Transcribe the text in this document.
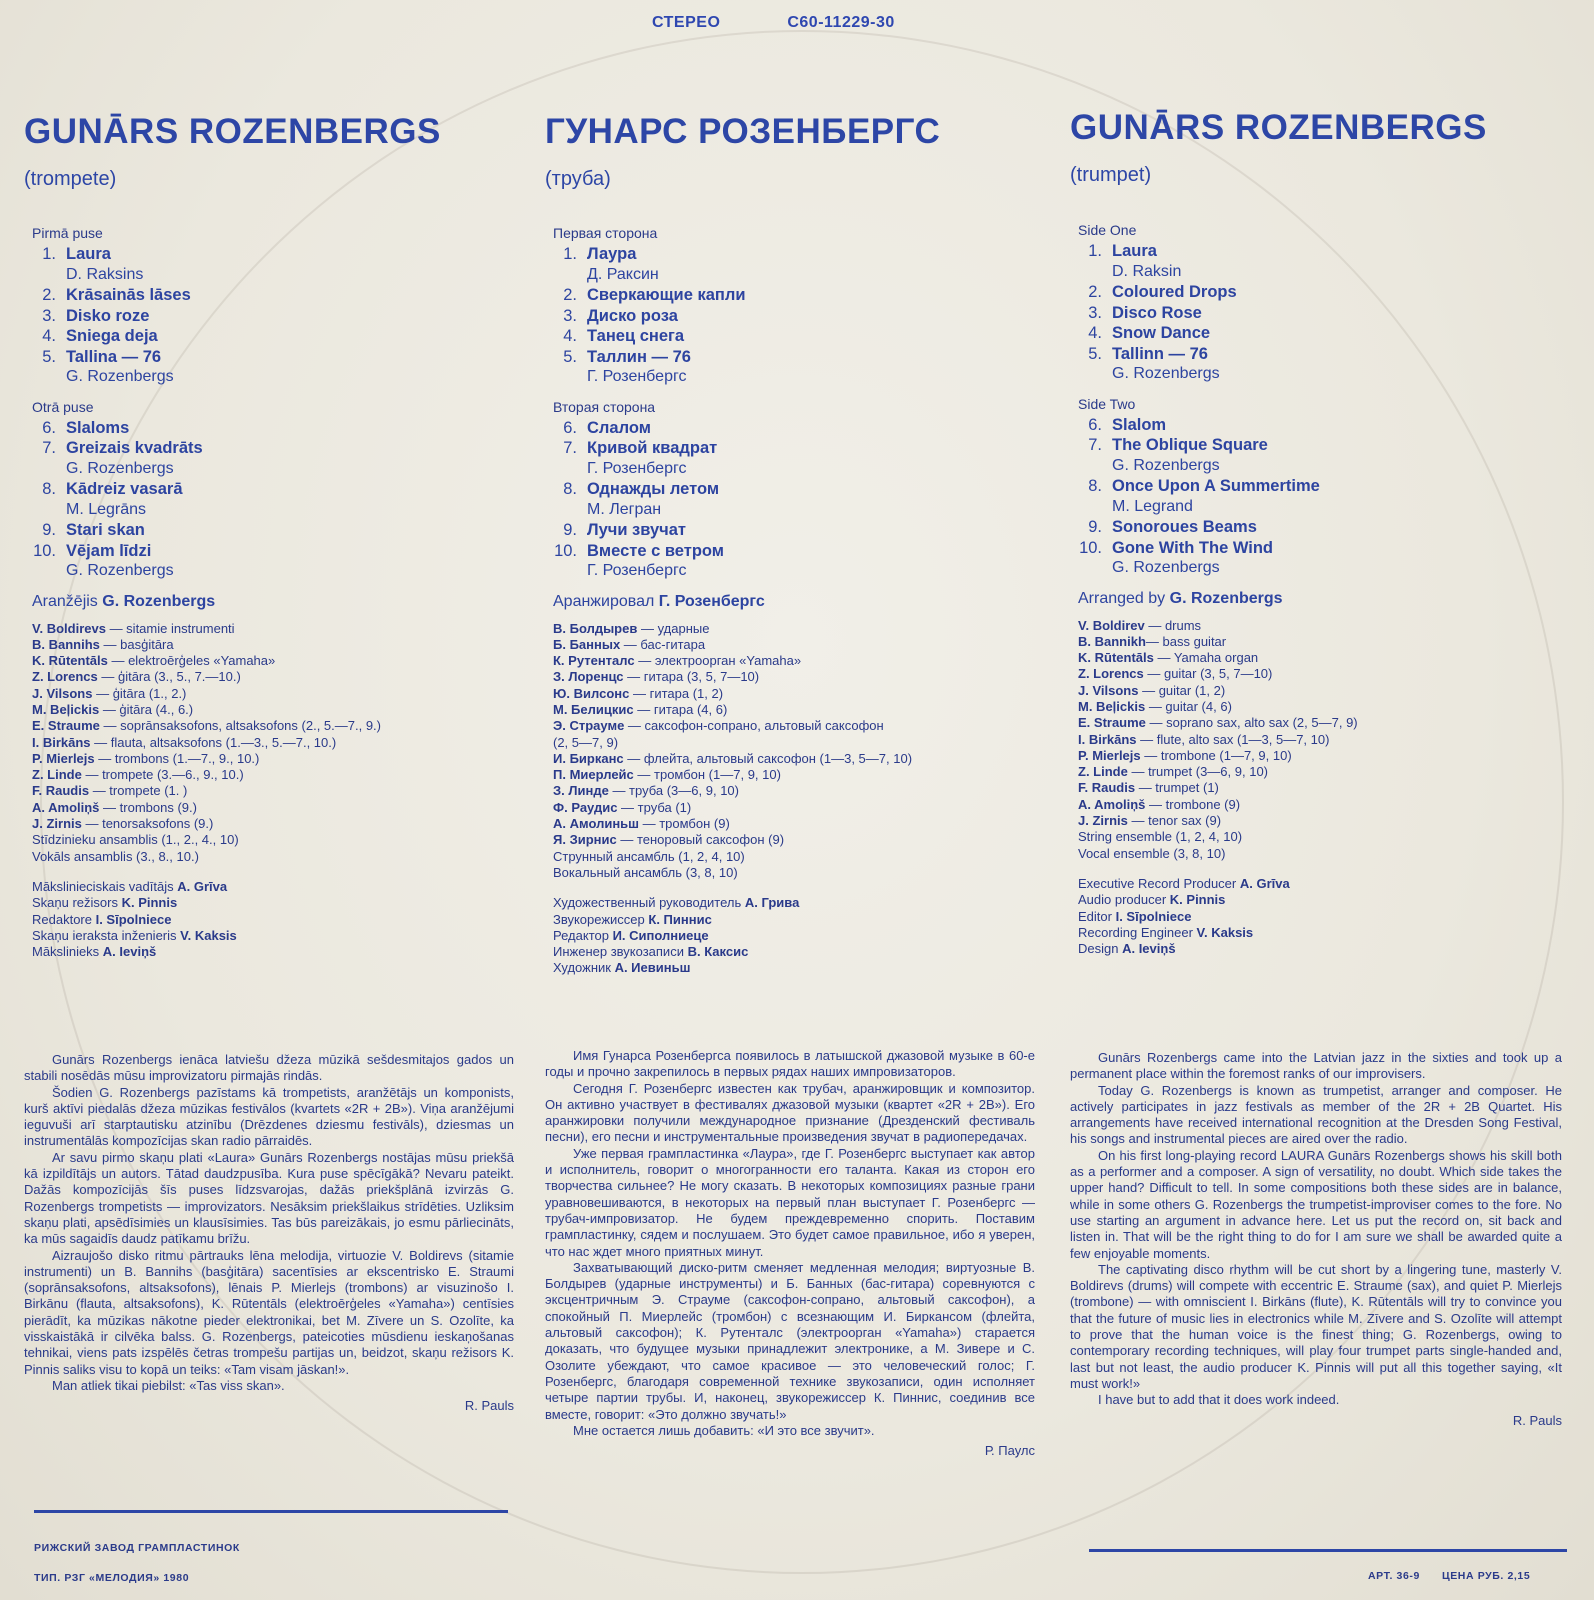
СТЕРЕО	С60-11229-30
GUNĀRS ROZENBERGS
(trompete)
Pirmā puse
1. Laura
D. Raksins
2. Krāsainās lāses
3. Disko roze
4. Sniega deja
5. Tallina — 76
G. Rozenbergs
Otrā puse
6. Slaloms
7. Greizais kvadrāts
G. Rozenbergs
8. Kādreiz vasarā
M. Legrāns
9. Stari skan
10. Vējam līdzi
G. Rozenbergs
Aranžējis G. Rozenbergs
V. Boldirevs — sitamie instrumenti
B. Bannihs — basģitāra
K. Rūtentāls — elektroērģeles «Yamaha»
Z. Lorencs — ģitāra (3., 5., 7.—10.)
J. Vilsons — ģitāra (1., 2.)
M. Beļickis — ģitāra (4., 6.)
E. Straume — soprānsaksofons, altsaksofons (2., 5.—7., 9.)
I. Birkāns — flauta, altsaksofons (1.—3., 5.—7., 10.)
P. Mierlejs — trombons (1.—7., 9., 10.)
Z. Linde — trompete (3.—6., 9., 10.)
F. Raudis — trompete (1. )
A. Amoliņš — trombons (9.)
J. Zirnis — tenorsaksofons (9.)
Stīdzinieku ansamblis (1., 2., 4., 10)
Vokāls ansamblis (3., 8., 10.)
Mākslinieciskais vadītājs A. Grīva
Skaņu režisors K. Pinnis
Redaktore I. Sīpolniece
Skaņu ieraksta inženieris V. Kaksis
Mākslinieks A. Ieviņš

Gunārs Rozenbergs ienāca latviešu džeza mūzikā sešdesmitajos gados un stabili nosēdās mūsu improvizatoru pirmajās rindās.

Šodien G. Rozenbergs pazīstams kā trompetists, aranžētājs un komponists, kurš aktīvi piedalās džeza mūzikas festivālos (kvartets «2R + 2B»). Viņa aranžējumi ieguvuši arī starptautisku atzinību (Drēzdenes dziesmu festivāls), dziesmas un instrumentālās kompozīcijas skan radio pārraidēs.

Ar savu pirmo skaņu plati «Laura» Gunārs Rozenbergs nostājas mūsu priekšā kā izpildītājs un autors. Tātad daudzpusība. Kura puse spēcīgākā? Nevaru pateikt. Dažās kompozīcijās šīs puses līdzsvarojas, dažās priekšplānā izvirzās G. Rozenbergs trompetists — improvizators. Nesāksim priekšlaikus strīdēties. Uzliksim skaņu plati, apsēdīsimies un klausīsimies. Tas būs pareizākais, jo esmu pārliecināts, ka mūs sagaidīs daudz patīkamu brīžu.

Aizraujošo disko ritmu pārtrauks lēna melodija, virtuozie V. Boldirevs (sitamie instrumenti) un B. Bannihs (basģitāra) sacentīsies ar ekscentrisko E. Straumi (soprānsaksofons, altsaksofons), lēnais P. Mierlejs (trombons) ar visuzinošo I. Birkānu (flauta, altsaksofons), K. Rūtentāls (elektroērģeles «Yamaha») centīsies pierādīt, ka mūzikas nākotne pieder elektronikai, bet M. Zīvere un S. Ozolīte, ka visskaistākā ir cilvēka balss. G. Rozenbergs, pateicoties mūsdienu ieskaņošanas tehnikai, viens pats izspēlēs četras trompešu partijas un, beidzot, skaņu režisors K. Pinnis saliks visu to kopā un teiks: «Tam visam jāskan!».

Man atliek tikai piebilst: «Tas viss skan».

R. Pauls
ГУНАРС РОЗЕНБЕРГС
(труба)
Первая сторона
1. Лаура
Д. Раксин
2. Сверкающие капли
3. Диско роза
4. Танец снега
5. Таллин — 76
Г. Розенбергс
Вторая сторона
6. Слалом
7. Кривой квадрат
Г. Розенбергс
8. Однажды летом
М. Легран
9. Лучи звучат
10. Вместе с ветром
Г. Розенбергс
Аранжировал Г. Розенбергс
В. Болдырев — ударные
Б. Банных — бас-гитара
К. Рутенталс — электроорган «Yamaha»
З. Лоренцс — гитара (3, 5, 7—10)
Ю. Вилсонс — гитара (1, 2)
М. Белицкис — гитара (4, 6)
Э. Страуме — саксофон-сопрано, альтовый саксофон
(2, 5—7, 9)
И. Бирканс — флейта, альтовый саксофон (1—3, 5—7, 10)
П. Миерлейс — тромбон (1—7, 9, 10)
З. Линде — труба (3—6, 9, 10)
Ф. Раудис — труба (1)
А. Амолиньш — тромбон (9)
Я. Зирнис — теноровый саксофон (9)
Струнный ансамбль (1, 2, 4, 10)
Вокальный ансамбль (3, 8, 10)
Художественный руководитель А. Грива
Звукорежиссер К. Пиннис
Редактор И. Сиполниеце
Инженер звукозаписи В. Каксис
Художник А. Иевиньш

Имя Гунарса Розенбергса появилось в латышской джазовой музыке в 60-е годы и прочно закрепилось в первых рядах наших импровизаторов.

Сегодня Г. Розенбергс известен как трубач, аранжировщик и композитор. Он активно участвует в фестивалях джазовой музыки (квартет «2R + 2B»). Его аранжировки получили международное признание (Дрезденский фестиваль песни), его песни и инструментальные произведения звучат в радиопередачах.

Уже первая грампластинка «Лаура», где Г. Розенбергс выступает как автор и исполнитель, говорит о многогранности его таланта. Какая из сторон его творчества сильнее? Не могу сказать. В некоторых композициях разные грани уравновешиваются, в некоторых на первый план выступает Г. Розенбергс — трубач-импровизатор. Не будем преждевременно спорить. Поставим грампластинку, сядем и послушаем. Это будет самое правильное, ибо я уверен, что нас ждет много приятных минут.

Захватывающий диско-ритм сменяет медленная мелодия; виртуозные В. Болдырев (ударные инструменты) и Б. Банных (бас-гитара) соревнуются с эксцентричным Э. Страуме (саксофон-сопрано, альтовый саксофон), а спокойный П. Миерлейс (тромбон) с всезнающим И. Биркансом (флейта, альтовый саксофон); К. Рутенталс (электроорган «Yamaha») старается доказать, что будущее музыки принадлежит электронике, а М. Зивере и С. Озолите убеждают, что самое красивое — это человеческий голос; Г. Розенбергс, благодаря современной технике звукозаписи, один исполняет четыре партии трубы. И, наконец, звукорежиссер К. Пиннис, соединив все вместе, говорит: «Это должно звучать!»

Мне остается лишь добавить: «И это все звучит».

Р. Паулс
GUNĀRS ROZENBERGS
(trumpet)
Side One
1. Laura
D. Raksin
2. Coloured Drops
3. Disco Rose
4. Snow Dance
5. Tallinn — 76
G. Rozenbergs
Side Two
6. Slalom
7. The Oblique Square
G. Rozenbergs
8. Once Upon A Summertime
M. Legrand
9. Sonoroues Beams
10. Gone With The Wind
G. Rozenbergs
Arranged by G. Rozenbergs
V. Boldirev — drums
B. Bannikh— bass guitar
K. Rūtentāls — Yamaha organ
Z. Lorencs — guitar (3, 5, 7—10)
J. Vilsons — guitar (1, 2)
M. Beļickis — guitar (4, 6)
E. Straume — soprano sax, alto sax (2, 5—7, 9)
I. Birkāns — flute, alto sax (1—3, 5—7, 10)
P. Mierlejs — trombone (1—7, 9, 10)
Z. Linde — trumpet (3—6, 9, 10)
F. Raudis — trumpet (1)
A. Amoliņš — trombone (9)
J. Zirnis — tenor sax (9)
String ensemble (1, 2, 4, 10)
Vocal ensemble (3, 8, 10)
Executive Record Producer A. Grīva
Audio producer K. Pinnis
Editor I. Sīpolniece
Recording Engineer V. Kaksis
Design A. Ieviņš

Gunārs Rozenbergs came into the Latvian jazz in the sixties and took up a permanent place within the foremost ranks of our improvisers.

Today G. Rozenbergs is known as trumpetist, arranger and composer. He actively participates in jazz festivals as member of the 2R + 2B Quartet. His arrangements have received international recognition at the Dresden Song Festival, his songs and instrumental pieces are aired over the radio.

On his first long-playing record LAURA Gunārs Rozenbergs shows his skill both as a performer and a composer. A sign of versatility, no doubt. Which side takes the upper hand? Difficult to tell. In some compositions both these sides are in balance, while in some others G. Rozenbergs the trumpetist-improviser comes to the fore. No use starting an argument in advance here. Let us put the record on, sit back and listen in. That will be the right thing to do for I am sure we shall be awarded quite a few enjoyable moments.

The captivating disco rhythm will be cut short by a lingering tune, masterly V. Boldirevs (drums) will compete with eccentric E. Straume (sax), and quiet P. Mierlejs (trombone) — with omniscient I. Birkāns (flute), K. Rūtentāls will try to convince you that the future of music lies in electronics while M. Zīvere and S. Ozolīte will attempt to prove that the human voice is the finest thing; G. Rozenbergs, owing to contemporary recording techniques, will play four trumpet parts single-handed and, last but not least, the audio producer K. Pinnis will put all this together saying, «It must work!»

I have but to add that it does work indeed.

R. Pauls
РИЖСКИЙ ЗАВОД ГРАМПЛАСТИНОК
ТИП. РЗГ «МЕЛОДИЯ» 1980	АРТ. 36-9 ЦЕНА РУБ. 2,15
